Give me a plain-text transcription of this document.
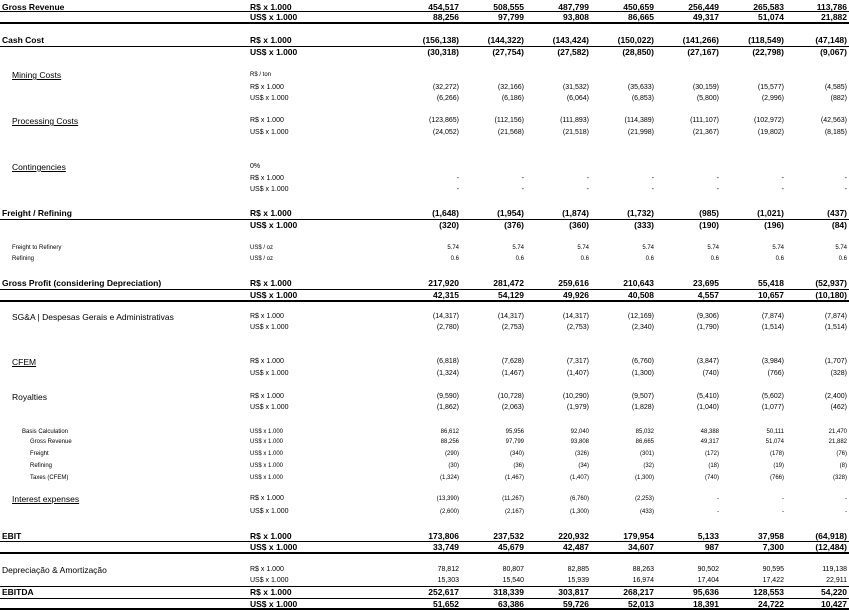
Gross Revenue	R$ x 1.000	454,517	508,555	487,799	450,659	256,449	265,583	113,786
US$ x 1.000	88,256	97,799	93,808	86,665	49,317	51,074	21,882
Cash Cost	R$ x 1.000	(156,138)	(144,322)	(143,424)	(150,022)	(141,266)	(118,549)	(47,148)
US$ x 1.000	(30,318)	(27,754)	(27,582)	(28,850)	(27,167)	(22,798)	(9,067)
Mining Costs	R$ / ton
R$ x 1.000	(32,272)	(32,166)	(31,532)	(35,633)	(30,159)	(15,577)	(4,585)
US$ x 1.000	(6,266)	(6,186)	(6,064)	(6,853)	(5,800)	(2,996)	(882)
Processing Costs	R$ x 1.000	(123,865)	(112,156)	(111,893)	(114,389)	(111,107)	(102,972)	(42,563)
US$ x 1.000	(24,052)	(21,568)	(21,518)	(21,998)	(21,367)	(19,802)	(8,185)
Contingencies	0%
R$ x 1.000	-	-	-	-	-	-	-
US$ x 1.000	-	-	-	-	-	-	-
Freight / Refining	R$ x 1.000	(1,648)	(1,954)	(1,874)	(1,732)	(985)	(1,021)	(437)
US$ x 1.000	(320)	(376)	(360)	(333)	(190)	(196)	(84)
Freight to Refinery	US$ / oz	5.74	5.74	5.74	5.74	5.74	5.74	5.74
Refining	US$ / oz	0.6	0.6	0.6	0.6	0.6	0.6	0.6
Gross Profit (considering Depreciation)	R$ x 1.000	217,920	281,472	259,616	210,643	23,695	55,418	(52,937)
US$ x 1.000	42,315	54,129	49,926	40,508	4,557	10,657	(10,180)
SG&A | Despesas Gerais e Administrativas	R$ x 1.000	(14,317)	(14,317)	(14,317)	(12,169)	(9,306)	(7,874)	(7,874)
US$ x 1.000	(2,780)	(2,753)	(2,753)	(2,340)	(1,790)	(1,514)	(1,514)
CFEM	R$ x 1.000	(6,818)	(7,628)	(7,317)	(6,760)	(3,847)	(3,984)	(1,707)
US$ x 1.000	(1,324)	(1,467)	(1,407)	(1,300)	(740)	(766)	(328)
Royalties	R$ x 1.000	(9,590)	(10,728)	(10,290)	(9,507)	(5,410)	(5,602)	(2,400)
US$ x 1.000	(1,862)	(2,063)	(1,979)	(1,828)	(1,040)	(1,077)	(462)
Basis Calculation	US$ x 1.000	86,612	95,956	92,040	85,032	48,388	50,111	21,470
Gross Revenue	US$ x 1.000	88,256	97,799	93,808	86,665	49,317	51,074	21,882
Freight	US$ x 1.000	(290)	(340)	(326)	(301)	(172)	(178)	(76)
Refining	US$ x 1.000	(30)	(36)	(34)	(32)	(18)	(19)	(8)
Taxes (CFEM)	US$ x 1.000	(1,324)	(1,467)	(1,407)	(1,300)	(740)	(766)	(328)
Interest expenses	R$ x 1.000	(13,390)	(11,267)	(6,760)	(2,253)	-	-	-
US$ x 1.000	(2,600)	(2,167)	(1,300)	(433)	-	-	-
EBIT	R$ x 1.000	173,806	237,532	220,932	179,954	5,133	37,958	(64,918)
US$ x 1.000	33,749	45,679	42,487	34,607	987	7,300	(12,484)
Depreciação & Amortização	R$ x 1.000	78,812	80,807	82,885	88,263	90,502	90,595	119,138
US$ x 1.000	15,303	15,540	15,939	16,974	17,404	17,422	22,911
EBITDA	R$ x 1.000	252,617	318,339	303,817	268,217	95,636	128,553	54,220
US$ x 1.000	51,652	63,386	59,726	52,013	18,391	24,722	10,427
